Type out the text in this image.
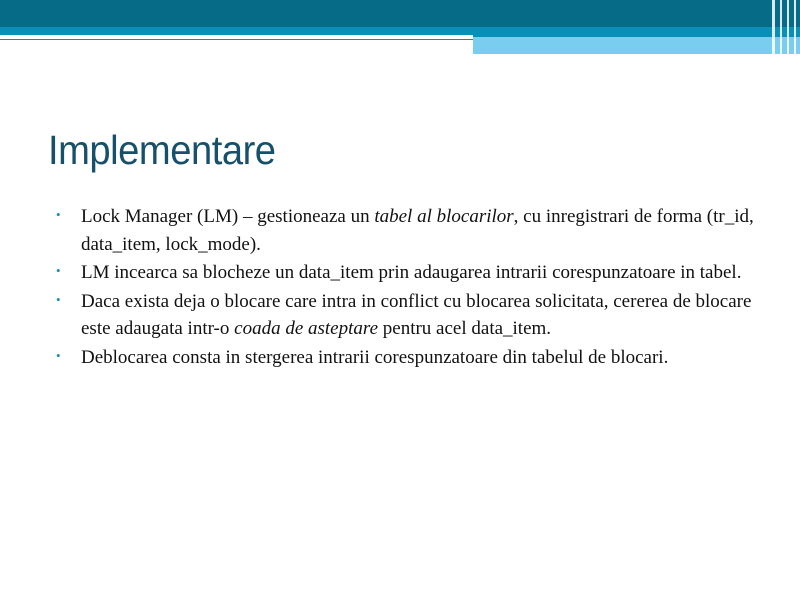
Implementare
• Lock Manager (LM) – gestioneaza un tabel al blocarilor, cu inregistrari de forma (tr_id, data_item, lock_mode).
• LM incearca sa blocheze un data_item prin adaugarea intrarii corespunzatoare in tabel.
• Daca exista deja o blocare care intra in conflict cu blocarea solicitata, cererea de blocare este adaugata intr-o coada de asteptare pentru acel data_item.
• Deblocarea consta in stergerea intrarii corespunzatoare din tabelul de blocari.
